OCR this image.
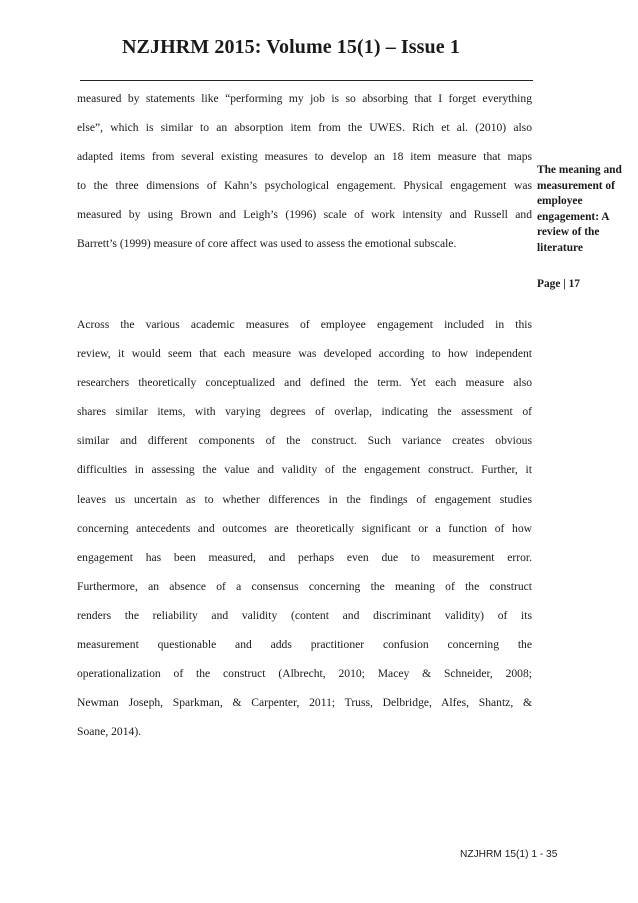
NZJHRM 2015: Volume 15(1) – Issue 1

measured by statements like “performing my job is so absorbing that I forget everything
else”, which is similar to an absorption item from the UWES. Rich et al. (2010) also
adapted items from several existing measures to develop an 18 item measure that maps
to the three dimensions of Kahn’s psychological engagement. Physical engagement was
measured by using Brown and Leigh’s (1996) scale of work intensity and Russell and
Barrett’s (1999) measure of core affect was used to assess the emotional subscale.

Across the various academic measures of employee engagement included in this
review, it would seem that each measure was developed according to how independent
researchers theoretically conceptualized and defined the term. Yet each measure also
shares similar items, with varying degrees of overlap, indicating the assessment of
similar and different components of the construct. Such variance creates obvious
difficulties in assessing the value and validity of the engagement construct. Further, it
leaves us uncertain as to whether differences in the findings of engagement studies
concerning antecedents and outcomes are theoretically significant or a function of how
engagement has been measured, and perhaps even due to measurement error.
Furthermore, an absence of a consensus concerning the meaning of the construct
renders the reliability and validity (content and discriminant validity) of its
measurement questionable and adds practitioner confusion concerning the
operationalization of the construct (Albrecht, 2010; Macey & Schneider, 2008;
Newman Joseph, Sparkman, & Carpenter, 2011; Truss, Delbridge, Alfes, Shantz, &
Soane, 2014).

The meaning and
measurement of
employee
engagement: A
review of the
literature
Page | 17
NZJHRM 15(1) 1 - 35
